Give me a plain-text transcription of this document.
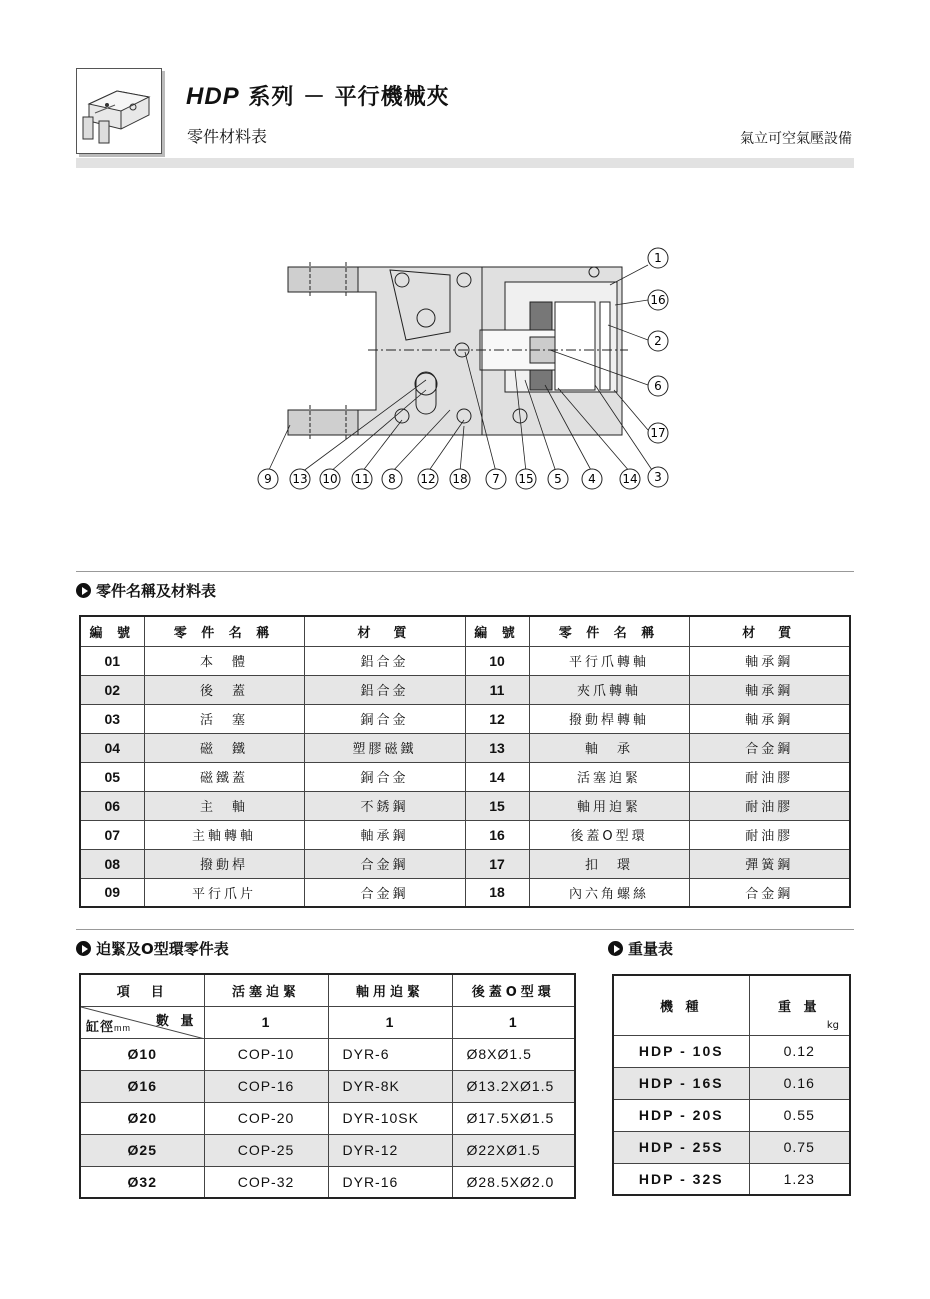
HDP 系列 － 平行機械夾
零件材料表	氣立可空氣壓設備
1
16
2
6
17
3
9 13 10 11 8 12 18 7 15 5 4 14
零件名稱及材料表
編 號	零 件 名 稱	材　質	編 號	零 件 名 稱	材　質
01	本　體	鋁合金	10	平行爪轉軸	軸承鋼
02	後　蓋	鋁合金	11	夾爪轉軸	軸承鋼
03	活　塞	銅合金	12	撥動桿轉軸	軸承鋼
04	磁　鐵	塑膠磁鐵	13	軸　承	合金鋼
05	磁鐵蓋	銅合金	14	活塞迫緊	耐油膠
06	主　軸	不銹鋼	15	軸用迫緊	耐油膠
07	主軸轉軸	軸承鋼	16	後蓋O型環	耐油膠
08	撥動桿	合金鋼	17	扣　環	彈簧鋼
09	平行爪片	合金鋼	18	內六角螺絲	合金鋼
迫緊及O型環零件表	重量表
項　目	活塞迫緊	軸用迫緊	後蓋O型環

數 量
缸徑mm	1	1	1
Ø10	COP-10	DYR-6	Ø8XØ1.5
Ø16	COP-16	DYR-8K	Ø13.2XØ1.5
Ø20	COP-20	DYR-10SK	Ø17.5XØ1.5
Ø25	COP-25	DYR-12	Ø22XØ1.5
Ø32	COP-32	DYR-16	Ø28.5XØ2.0
機 種	重 量
kg

HDP - 10S	0.12
HDP - 16S	0.16
HDP - 20S	0.55
HDP - 25S	0.75
HDP - 32S	1.23
